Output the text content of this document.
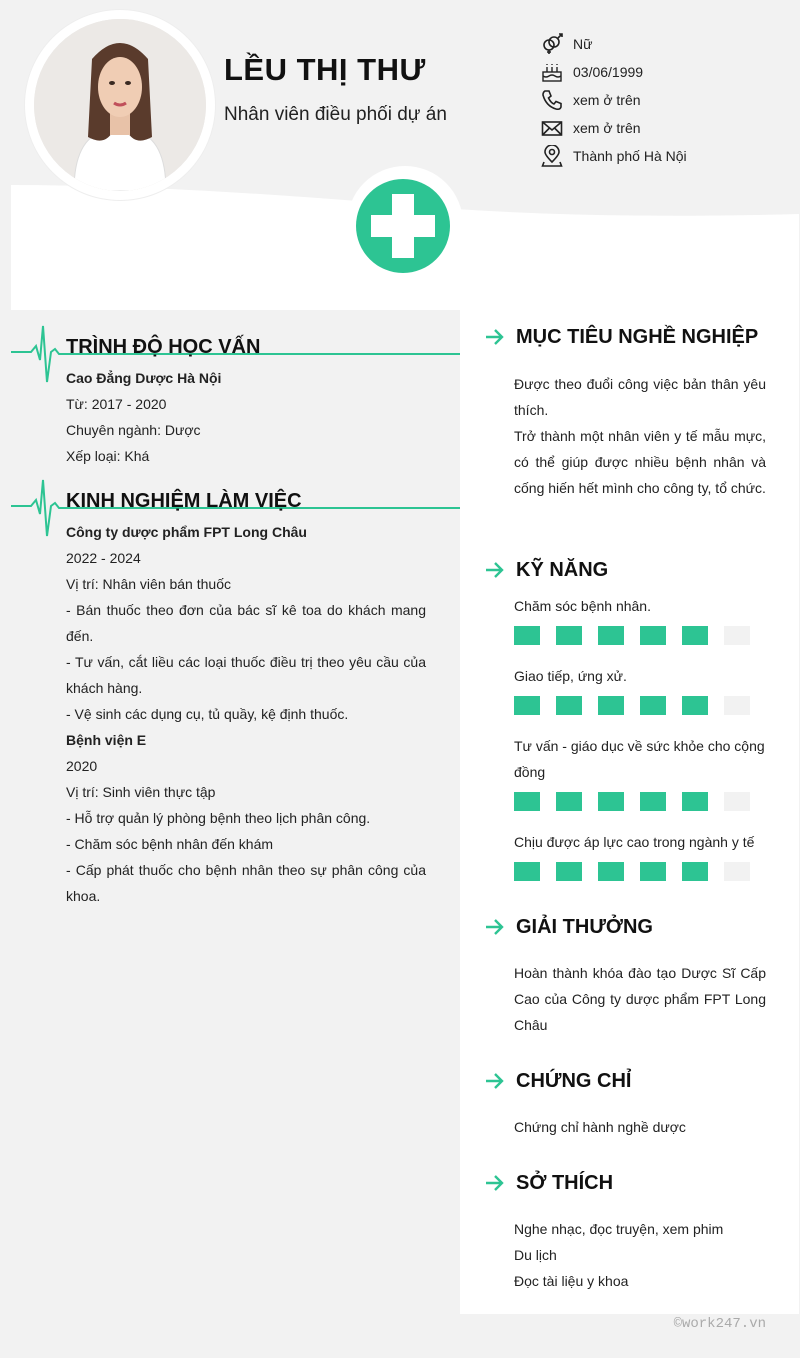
LỀU THỊ THƯ
Nhân viên điều phối dự án
Nữ
03/06/1999
xem ở trên
xem ở trên
Thành phố Hà Nội
TRÌNH ĐỘ HỌC VẤN
Cao Đẳng Dược Hà Nội
Từ: 2017 - 2020
Chuyên ngành: Dược
Xếp loại: Khá
KINH NGHIỆM LÀM VIỆC
Công ty dược phẩm FPT Long Châu
2022 - 2024
Vị trí: Nhân viên bán thuốc
- Bán thuốc theo đơn của bác sĩ kê toa do khách mang đến.
- Tư vấn, cắt liều các loại thuốc điều trị theo yêu cầu của khách hàng.
- Vệ sinh các dụng cụ, tủ quầy, kệ định thuốc.
Bệnh viện E
2020
Vị trí: Sinh viên thực tập
- Hỗ trợ quản lý phòng bệnh theo lịch phân công.
- Chăm sóc bệnh nhân đến khám
- Cấp phát thuốc cho bệnh nhân theo sự phân công của khoa.
MỤC TIÊU NGHỀ NGHIỆP
Được theo đuổi công việc bản thân yêu thích.
Trở thành một nhân viên y tế mẫu mực, có thể giúp được nhiều bệnh nhân và cống hiến hết mình cho công ty, tổ chức.
KỸ NĂNG
Chăm sóc bệnh nhân.
Giao tiếp, ứng xử.
Tư vấn - giáo dục về sức khỏe cho cộng đồng
Chịu được áp lực cao trong ngành y tế
GIẢI THƯỞNG
Hoàn thành khóa đào tạo Dược Sĩ Cấp Cao của Công ty dược phẩm FPT Long Châu
CHỨNG CHỈ
Chứng chỉ hành nghề dược
SỞ THÍCH
Nghe nhạc, đọc truyện, xem phim
Du lịch
Đọc tài liệu y khoa
©work247.vn
